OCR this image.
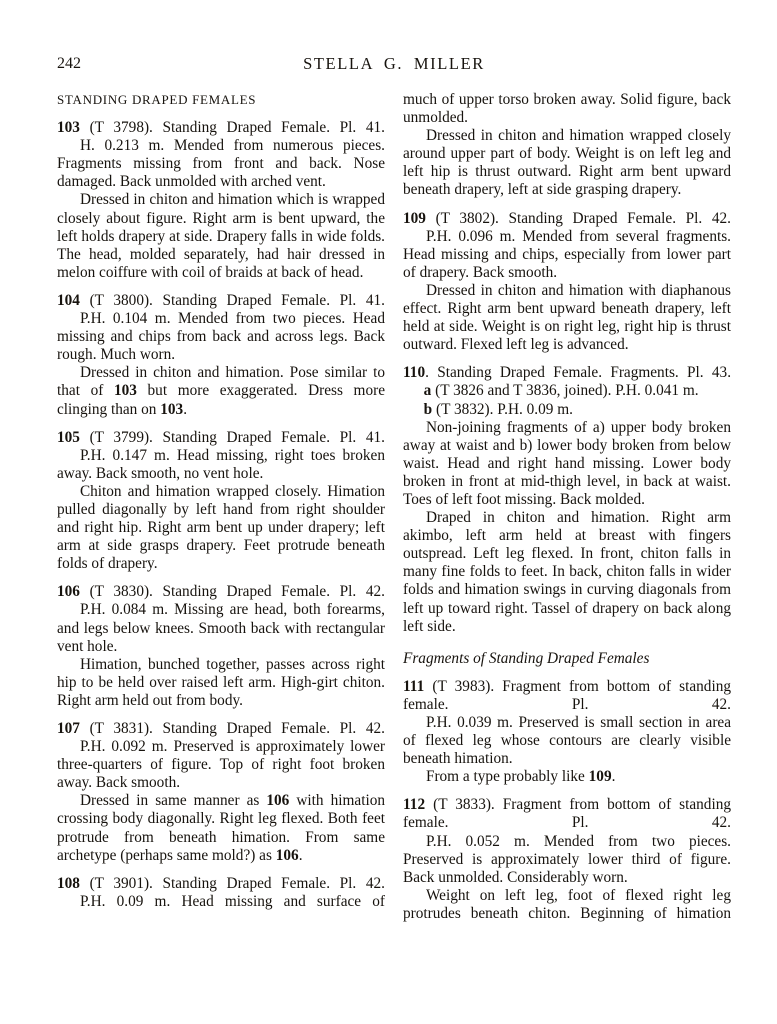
242	STELLA G. MILLER

STANDING DRAPED FEMALES

103 (T 3798). Standing Draped Female. Pl. 41.

H. 0.213 m. Mended from numerous pieces. Fragments missing from front and back. Nose damaged. Back unmolded with arched vent.

Dressed in chiton and himation which is wrapped closely about figure. Right arm is bent upward, the left holds drapery at side. Drapery falls in wide folds. The head, molded separately, had hair dressed in melon coiffure with coil of braids at back of head.

104 (T 3800). Standing Draped Female. Pl. 41.

P.H. 0.104 m. Mended from two pieces. Head missing and chips from back and across legs. Back rough. Much worn.

Dressed in chiton and himation. Pose similar to that of 103 but more exaggerated. Dress more clinging than on 103.

105 (T 3799). Standing Draped Female. Pl. 41.

P.H. 0.147 m. Head missing, right toes broken away. Back smooth, no vent hole.

Chiton and himation wrapped closely. Himation pulled diagonally by left hand from right shoulder and right hip. Right arm bent up under drapery; left arm at side grasps drapery. Feet protrude beneath folds of drapery.

106 (T 3830). Standing Draped Female. Pl. 42.

P.H. 0.084 m. Missing are head, both forearms, and legs below knees. Smooth back with rectangular vent hole.

Himation, bunched together, passes across right hip to be held over raised left arm. High-girt chiton. Right arm held out from body.

107 (T 3831). Standing Draped Female. Pl. 42.

P.H. 0.092 m. Preserved is approximately lower three-quarters of figure. Top of right foot broken away. Back smooth.

Dressed in same manner as 106 with himation crossing body diagonally. Right leg flexed. Both feet protrude from beneath himation. From same archetype (perhaps same mold?) as 106.

108 (T 3901). Standing Draped Female. Pl. 42.

P.H. 0.09 m. Head missing and surface of

much of upper torso broken away. Solid figure, back unmolded.

Dressed in chiton and himation wrapped closely around upper part of body. Weight is on left leg and left hip is thrust outward. Right arm bent upward beneath drapery, left at side grasping drapery.

109 (T 3802). Standing Draped Female. Pl. 42.

P.H. 0.096 m. Mended from several fragments. Head missing and chips, especially from lower part of drapery. Back smooth.

Dressed in chiton and himation with diaphanous effect. Right arm bent upward beneath drapery, left held at side. Weight is on right leg, right hip is thrust outward. Flexed left leg is advanced.

110. Standing Draped Female. Fragments. Pl. 43.

a (T 3826 and T 3836, joined). P.H. 0.041 m.

b (T 3832). P.H. 0.09 m.

Non-joining fragments of a) upper body broken away at waist and b) lower body broken from below waist. Head and right hand missing. Lower body broken in front at mid-thigh level, in back at waist. Toes of left foot missing. Back molded.

Draped in chiton and himation. Right arm akimbo, left arm held at breast with fingers outspread. Left leg flexed. In front, chiton falls in many fine folds to feet. In back, chiton falls in wider folds and himation swings in curving diagonals from left up toward right. Tassel of drapery on back along left side.

Fragments of Standing Draped Females

111 (T 3983). Fragment from bottom of standing female.	Pl. 42.

P.H. 0.039 m. Preserved is small section in area of flexed leg whose contours are clearly visible beneath himation.

From a type probably like 109.

112 (T 3833). Fragment from bottom of standing female.	Pl. 42.

P.H. 0.052 m. Mended from two pieces. Preserved is approximately lower third of figure. Back unmolded. Considerably worn.

Weight on left leg, foot of flexed right leg protrudes beneath chiton. Beginning of himation
